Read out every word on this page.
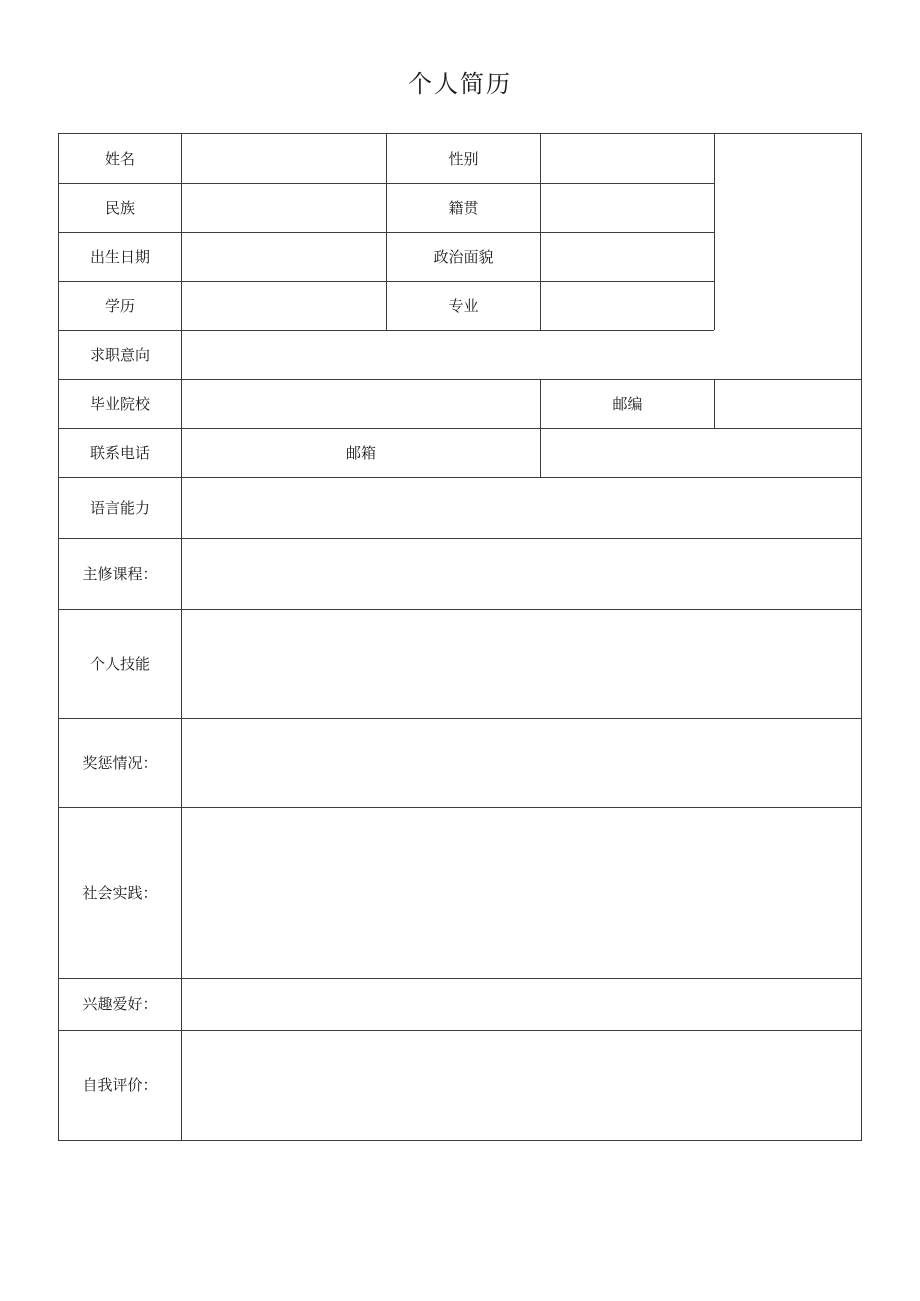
个人简历
姓名	性别
民族	籍贯
出生日期	政治面貌
学历	专业
求职意向
毕业院校	邮编
联系电话	邮箱
语言能力
主修课程：
个人技能
奖惩情况：
社会实践：
兴趣爱好：
自我评价：
